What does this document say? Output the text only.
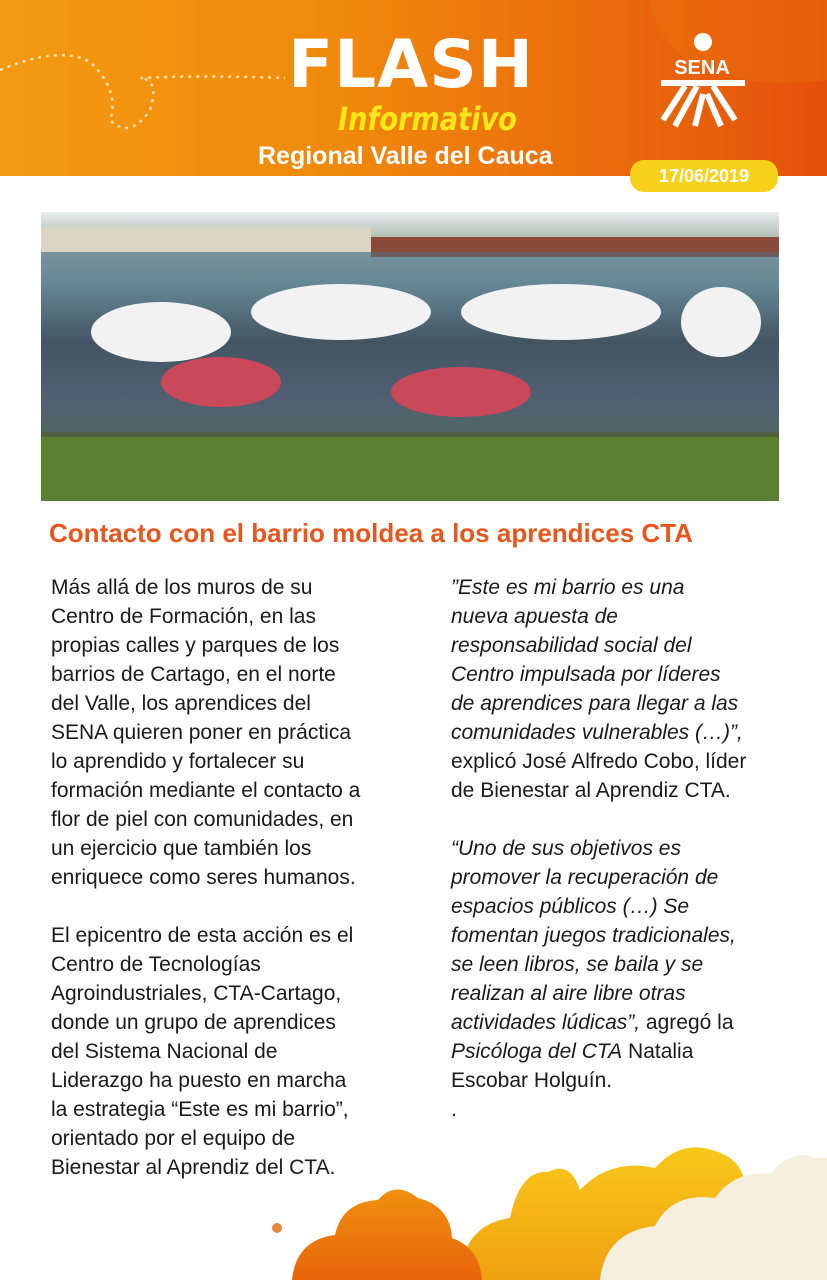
FLASH
Informativo
Regional Valle del Cauca
SENA
17/06/2019
Contacto con el barrio moldea a los aprendices CTA
Más allá de los muros de su
Centro de Formación, en las
propias calles y parques de los
barrios de Cartago, en el norte
del Valle, los aprendices del
SENA quieren poner en práctica
lo aprendido y fortalecer su
formación mediante el contacto a
flor de piel con comunidades, en
un ejercicio que también los
enriquece como seres humanos.
El epicentro de esta acción es el
Centro de Tecnologías
Agroindustriales, CTA-Cartago,
donde un grupo de aprendices
del Sistema Nacional de
Liderazgo ha puesto en marcha
la estrategia “Este es mi barrio”,
orientado por el equipo de
Bienestar al Aprendiz del CTA.
”Este es mi barrio es una
nueva apuesta de
responsabilidad social del
Centro impulsada por líderes
de aprendices para llegar a las
comunidades vulnerables (…)”,
explicó José Alfredo Cobo, líder
de Bienestar al Aprendiz CTA.
“Uno de sus objetivos es
promover la recuperación de
espacios públicos (…) Se
fomentan juegos tradicionales,
se leen libros, se baila y se
realizan al aire libre otras
actividades lúdicas”, agregó la
Psicóloga del CTA Natalia
Escobar Holguín.
.
